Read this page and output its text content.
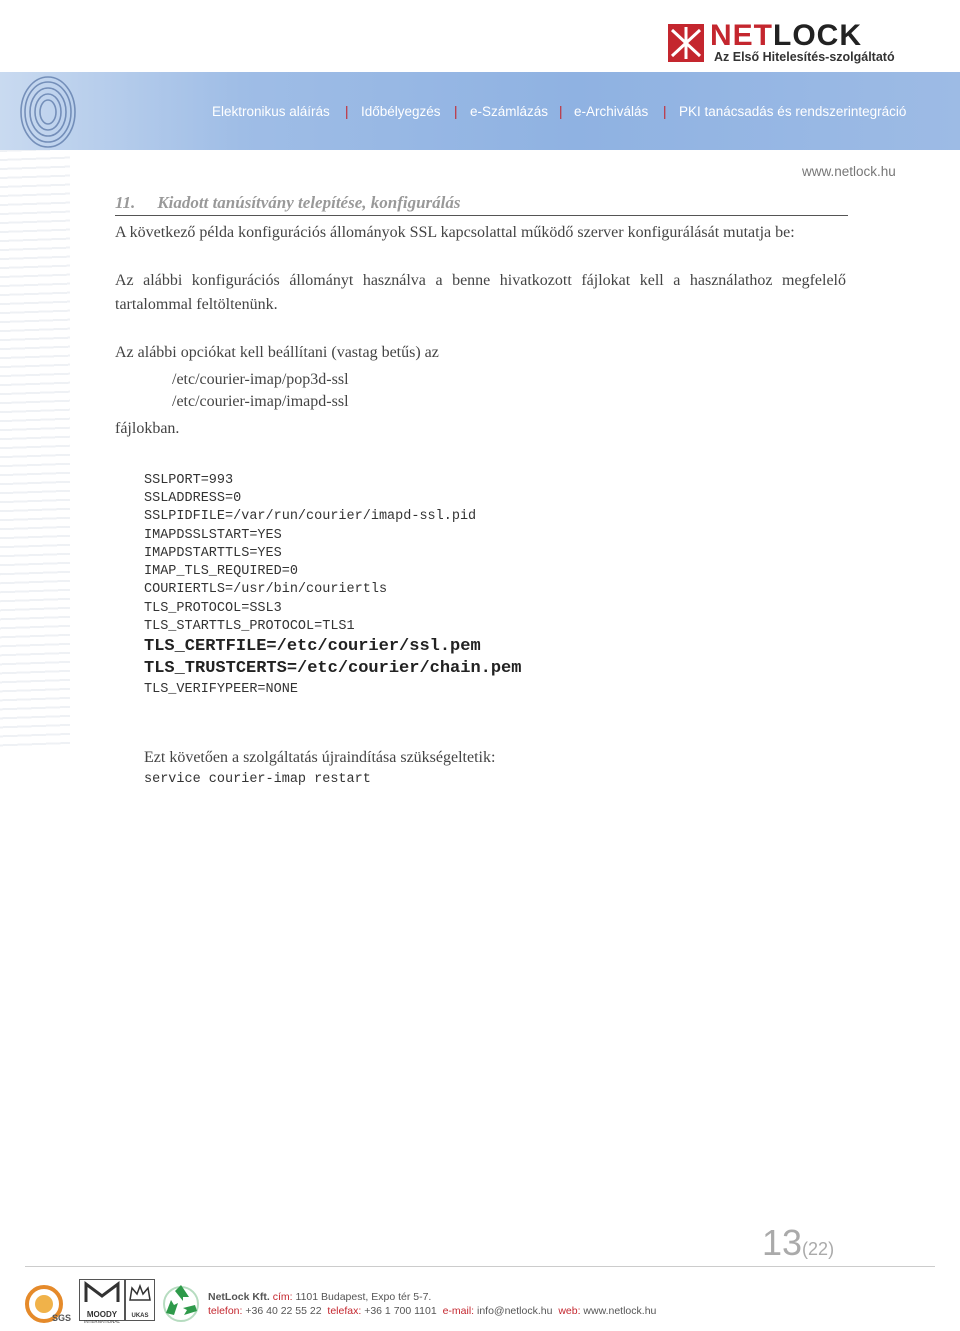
NETLOCK
Az Első Hitelesítés-szolgáltató
Elektronikus aláírás | Időbélyegzés | e-Számlázás | e-Archiválás | PKI tanácsadás és rendszerintegráció
www.netlock.hu
11. Kiadott tanúsítvány telepítése, konfigurálás
A következő példa konfigurációs állományok SSL kapcsolattal működő szerver konfigurálását mutatja be:
Az alábbi konfigurációs állományt használva a benne hivatkozott fájlokat kell a használathoz megfelelő tartalommal feltöltenünk.
Az alábbi opciókat kell beállítani (vastag betűs) az
/etc/courier-imap/pop3d-ssl
/etc/courier-imap/imapd-ssl
fájlokban.
SSLPORT=993
SSLADDRESS=0
SSLPIDFILE=/var/run/courier/imapd-ssl.pid
IMAPDSSLSTART=YES
IMAPDSTARTTLS=YES
IMAP_TLS_REQUIRED=0
COURIERTLS=/usr/bin/couriertls
TLS_PROTOCOL=SSL3
TLS_STARTTLS_PROTOCOL=TLS1
TLS_CERTFILE=/etc/courier/ssl.pem
TLS_TRUSTCERTS=/etc/courier/chain.pem
TLS_VERIFYPEER=NONE
Ezt követően a szolgáltatás újraindítása szükségeltetik:
service courier-imap restart
13(22)
SGS	MOODY
INTERNATIONAL
UKAS
NetLock Kft. cím: 1101 Budapest, Expo tér 5-7.
telefon: +36 40 22 55 22 telefax: +36 1 700 1101 e-mail: info@netlock.hu web: www.netlock.hu
